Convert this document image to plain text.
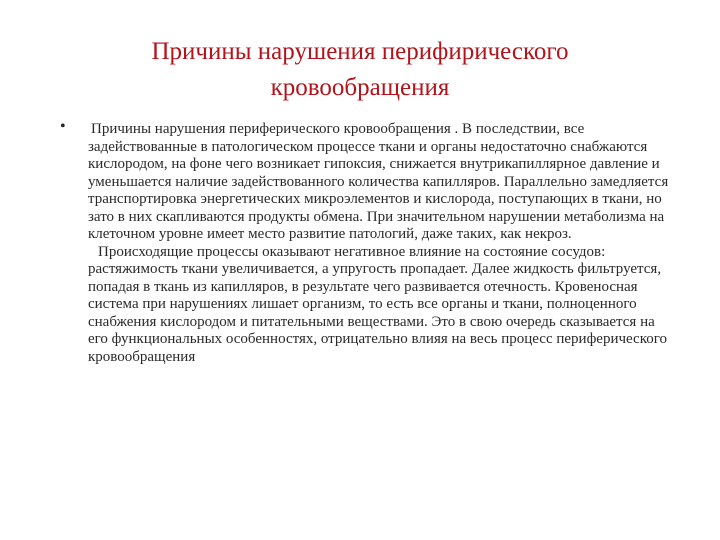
Причины нарушения перифирического кровообращения
• Причины нарушения периферического кровообращения . В последствии, все задействованные в патологическом процессе ткани и органы недостаточно снабжаются кислородом, на фоне чего возникает гипоксия, снижается внутрикапиллярное давление и уменьшается наличие задействованного количества капилляров. Параллельно замедляется транспортировка энергетических микроэлементов и кислорода, поступающих в ткани, но зато в них скапливаются продукты обмена. При значительном нарушении метаболизма на клеточном уровне имеет место развитие патологий, даже таких, как некроз.

Происходящие процессы оказывают негативное влияние на состояние сосудов: растяжимость ткани увеличивается, а упругость пропадает. Далее жидкость фильтруется, попадая в ткань из капилляров, в результате чего развивается отечность. Кровеносная система при нарушениях лишает организм, то есть все органы и ткани, полноценного снабжения кислородом и питательными веществами. Это в свою очередь сказывается на его функциональных особенностях, отрицательно влияя на весь процесс периферического кровообращения
